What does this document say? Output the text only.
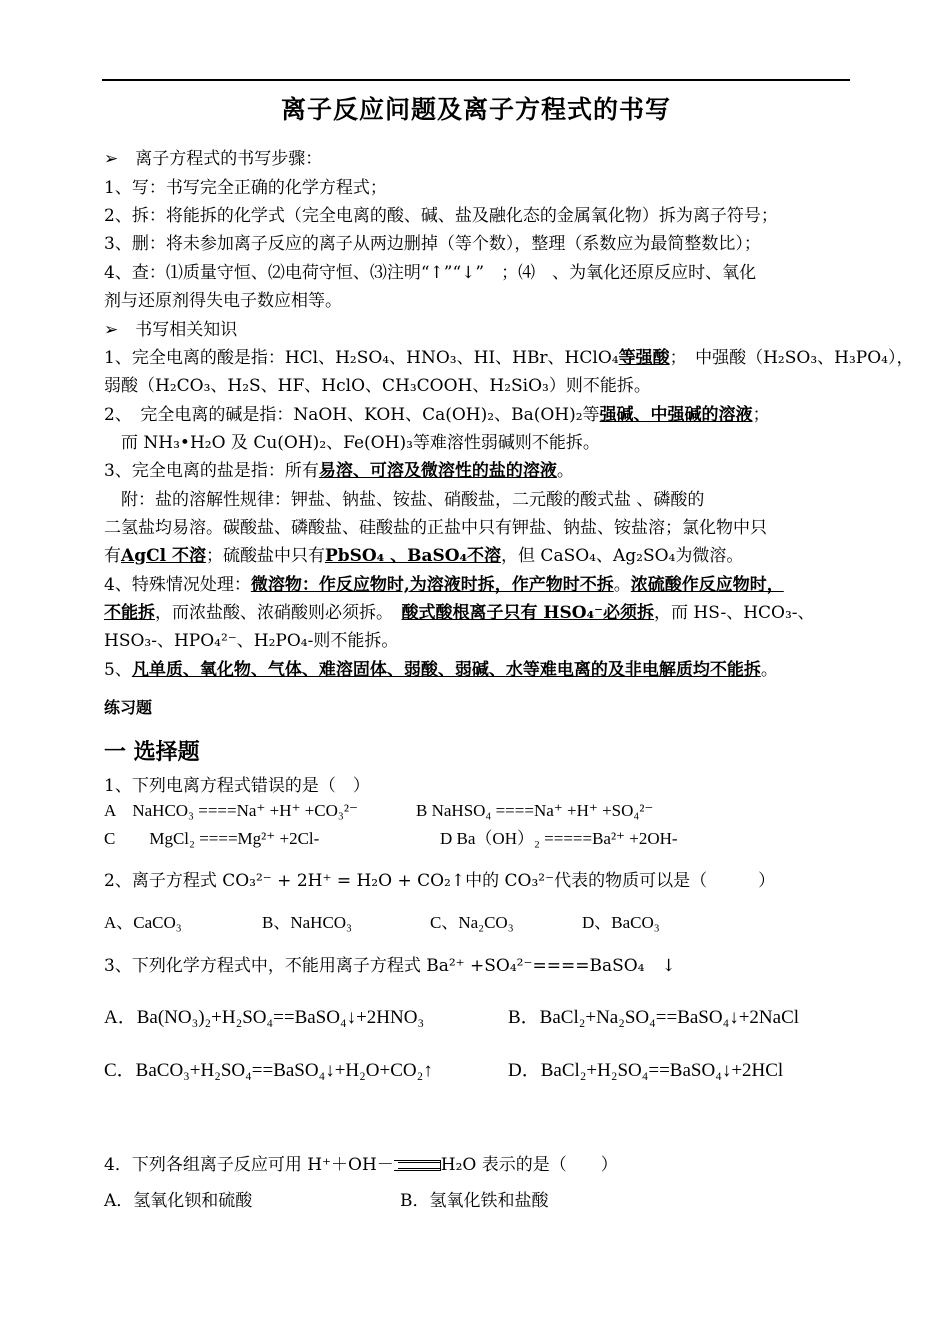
离子反应问题及离子方程式的书写
➢　离子方程式的书写步骤：
1、写：书写完全正确的化学方程式；
2、拆：将能拆的化学式（完全电离的酸、碱、盐及融化态的金属氧化物）拆为离子符号；
3、删：将未参加离子反应的离子从两边删掉（等个数），整理（系数应为最简整数比）；
4、查：⑴质量守恒、⑵电荷守恒、⑶注明“↑”“↓”　；⑷　、为氧化还原反应时、氧化
剂与还原剂得失电子数应相等。
➢　书写相关知识
1、完全电离的酸是指：HCl、H₂SO₄、HNO₃、HI、HBr、HClO₄等强酸；　中强酸（H₂SO₃、H₃PO₄），
弱酸（H₂CO₃、H₂S、HF、HclO、CH₃COOH、H₂SiO₃）则不能拆。
2、　完全电离的碱是指：NaOH、KOH、Ca(OH)₂、Ba(OH)₂等强碱、中强碱的溶液；
　而 NH₃•H₂O 及 Cu(OH)₂、Fe(OH)₃等难溶性弱碱则不能拆。
3、完全电离的盐是指：所有易溶、可溶及微溶性的盐的溶液。
　附：盐的溶解性规律：钾盐、钠盐、铵盐、硝酸盐，二元酸的酸式盐 、磷酸的
二氢盐均易溶。碳酸盐、磷酸盐、硅酸盐的正盐中只有钾盐、钠盐、铵盐溶；氯化物中只
有AgCl 不溶；硫酸盐中只有PbSO₄ 、BaSO₄不溶，但 CaSO₄、Ag₂SO₄为微溶。
4、特殊情况处理：微溶物：作反应物时,为溶液时拆，作产物时不拆。浓硫酸作反应物时，
不能拆，而浓盐酸、浓硝酸则必须拆。　酸式酸根离子只有 HSO₄⁻必须拆，而 HS-、HCO₃-、
HSO₃-、HPO₄²⁻、H₂PO₄-则不能拆。
5、凡单质、氧化物、气体、难溶固体、弱酸、弱碱、水等难电离的及非电解质均不能拆。
练习题
一 选择题
1、下列电离方程式错误的是（　）
A　NaHCO₃ ====Na⁺ +H⁺ +CO₃²⁻	B NaHSO₄ ====Na⁺ +H⁺ +SO₄²⁻
C　　MgCl₂ ====Mg²⁺ +2Cl-	D Ba（OH）₂ =====Ba²⁺ +2OH-
2、离子方程式 CO₃²⁻ + 2H⁺ = H₂O + CO₂↑中的 CO₃²⁻代表的物质可以是（　　　）
A、CaCO₃	B、NaHCO₃	C、Na₂CO₃	D、BaCO₃
3、下列化学方程式中，不能用离子方程式 Ba²⁺ +SO₄²⁻====BaSO₄　↓
A．Ba(NO₃)₂+H₂SO₄==BaSO₄↓+2HNO₃	B．BaCl₂+Na₂SO₄==BaSO₄↓+2NaCl
C．BaCO₃+H₂SO₄==BaSO₄↓+H₂O+CO₂↑	D．BaCl₂+H₂SO₄==BaSO₄↓+2HCl
4．下列各组离子反应可用 H⁺＋OH－	H₂O 表示的是（　　）
A．氢氧化钡和硫酸	B．氢氧化铁和盐酸
